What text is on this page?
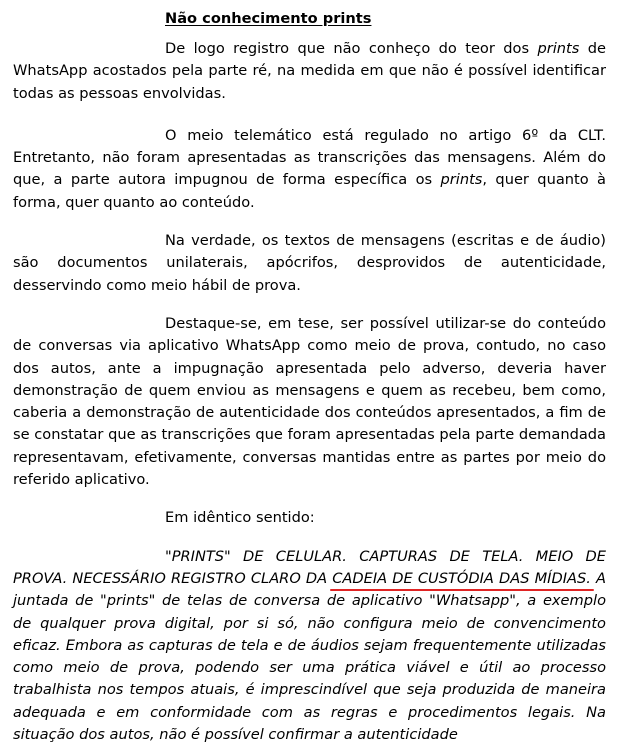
Não conhecimento prints

De logo registro que não conheço do teor dos prints de WhatsApp acostados pela parte ré, na medida em que não é possível identificar todas as pessoas envolvidas.

O meio telemático está regulado no artigo 6º da CLT. Entretanto, não foram apresentadas as transcrições das mensagens. Além do que, a parte autora impugnou de forma específica os prints, quer quanto à forma, quer quanto ao conteúdo.

Na verdade, os textos de mensagens (escritas e de áudio) são documentos unilaterais, apócrifos, desprovidos de autenticidade, desservindo como meio hábil de prova.

Destaque-se, em tese, ser possível utilizar-se do conteúdo de conversas via aplicativo WhatsApp como meio de prova, contudo, no caso dos autos, ante a impugnação apresentada pelo adverso, deveria haver demonstração de quem enviou as mensagens e quem as recebeu, bem como, caberia a demonstração de autenticidade dos conteúdos apresentados, a fim de se constatar que as transcrições que foram apresentadas pela parte demandada representavam, efetivamente, conversas mantidas entre as partes por meio do referido aplicativo.

Em idêntico sentido:

"PRINTS" DE CELULAR. CAPTURAS DE TELA. MEIO DE PROVA. NECESSÁRIO REGISTRO CLARO DA CADEIA DE CUSTÓDIA DAS MÍDIAS. A juntada de "prints" de telas de conversa de aplicativo "Whatsapp", a exemplo de qualquer prova digital, por si só, não configura meio de convencimento eficaz. Embora as capturas de tela e de áudios sejam frequentemente utilizadas como meio de prova, podendo ser uma prática viável e útil ao processo trabalhista nos tempos atuais, é imprescindível que seja produzida de maneira adequada e em conformidade com as regras e procedimentos legais. Na situação dos autos, não é possível confirmar a autenticidade
